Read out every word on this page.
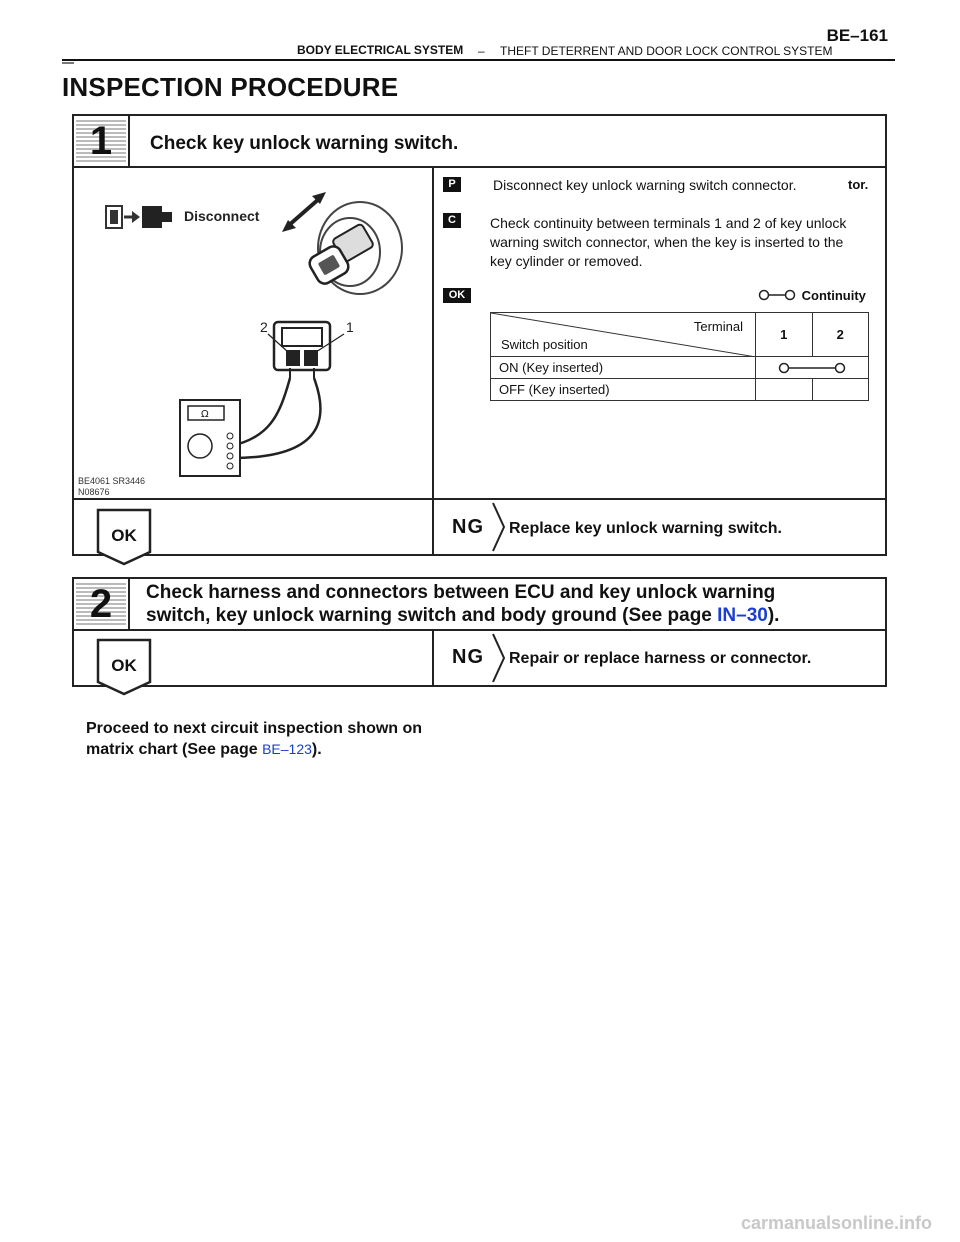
BE–161
BODY ELECTRICAL SYSTEM – THEFT DETERRENT AND DOOR LOCK CONTROL SYSTEM
INSPECTION PROCEDURE
1	Check key unlock warning switch.
Disconnect
2	1
Ω
BE4061 SR3446
N08676
P	Disconnect key unlock warning switch connector.	tor.
C	Check continuity between terminals 1 and 2 of key unlock warning switch connector, when the key is inserted to the key cylinder or removed.
OK	Continuity
Terminal
Switch position	1	2
ON (Key inserted)	

OFF (Key inserted)		
OK	NG Replace key unlock warning switch.
2	Check harness and connectors between ECU and key unlock warning
switch, key unlock warning switch and body ground (See page IN–30).
OK	NG Repair or replace harness or connector.
Proceed to next circuit inspection shown on
matrix chart (See page BE–123).
carmanualsonline.info
